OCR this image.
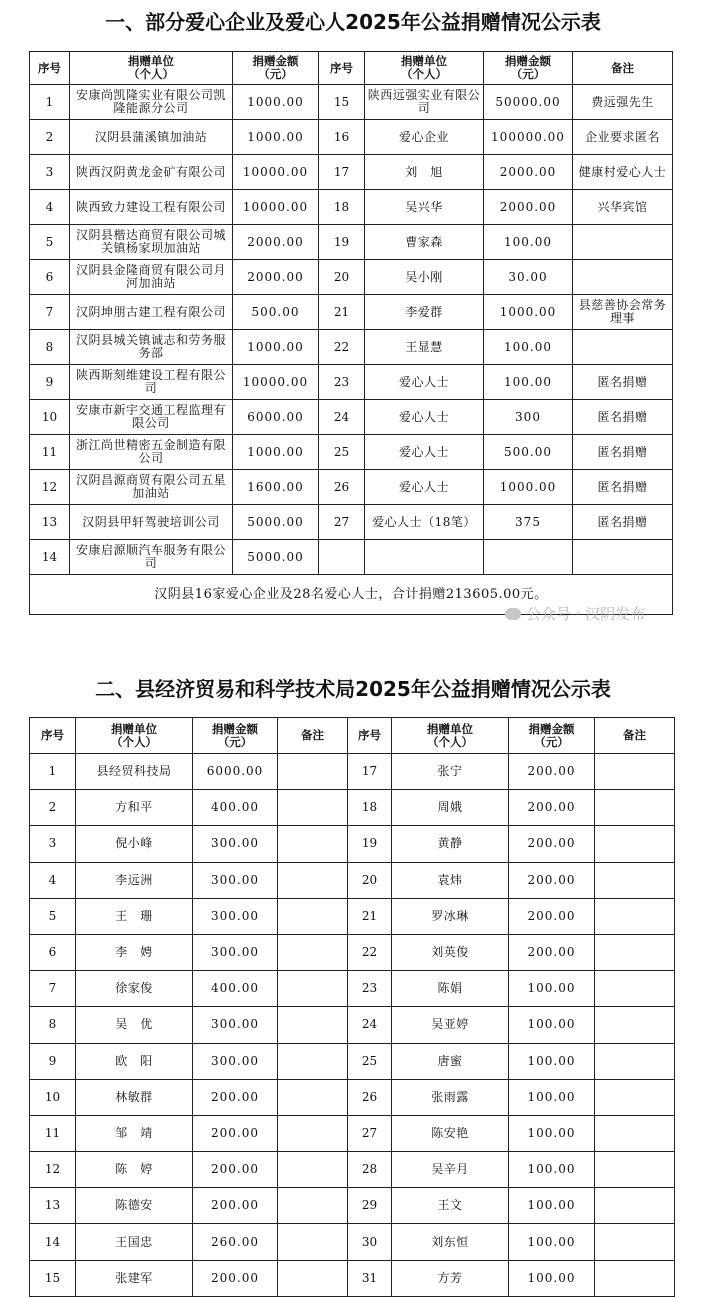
一、部分爱心企业及爱心人2025年公益捐赠情况公示表
序号	捐赠单位
（个人）	捐赠金额
（元）	序号	捐赠单位
（个人）	捐赠金额
（元）	备注
1	安康尚凯隆实业有限公司凯隆能源分公司	1000.00	15	陕西远强实业有限公司	50000.00	费远强先生
2	汉阴县蒲溪镇加油站	1000.00	16	爱心企业	100000.00	企业要求匿名
3	陕西汉阴黄龙金矿有限公司	10000.00	17	刘　旭	2000.00	健康村爱心人士
4	陕西致力建设工程有限公司	10000.00	18	吴兴华	2000.00	兴华宾馆
5	汉阴县楷达商贸有限公司城关镇杨家坝加油站	2000.00	19	曹家森	100.00	
6	汉阴县金隆商贸有限公司月河加油站	2000.00	20	吴小刚	30.00	
7	汉阴坤朋古建工程有限公司	500.00	21	李爱群	1000.00	县慈善协会常务理事
8	汉阴县城关镇诚志和劳务服务部	1000.00	22	王显慧	100.00	
9	陕西斯刻维建设工程有限公司	10000.00	23	爱心人士	100.00	匿名捐赠
10	安康市新宇交通工程监理有限公司	6000.00	24	爱心人士	300	匿名捐赠
11	浙江尚世精密五金制造有限公司	1000.00	25	爱心人士	500.00	匿名捐赠
12	汉阴昌源商贸有限公司五星加油站	1600.00	26	爱心人士	1000.00	匿名捐赠
13	汉阴县甲轩驾驶培训公司	5000.00	27	爱心人士（18笔）	375	匿名捐赠
14	安康启源顺汽车服务有限公司	5000.00				
汉阴县16家爱心企业及28名爱心人士，合计捐赠213605.00元。						
公众号 · 汉阴发布
二、县经济贸易和科学技术局2025年公益捐赠情况公示表
序号	捐赠单位
（个人）	捐赠金额
（元）	备注	序号	捐赠单位
（个人）	捐赠金额
（元）	备注
1	县经贸科技局	6000.00		17	张宁	200.00	
2	方和平	400.00		18	周娥	200.00	
3	倪小峰	300.00		19	黄静	200.00	
4	李远洲	300.00		20	袁炜	200.00	
5	王　珊	300.00		21	罗冰琳	200.00	
6	李　娉	300.00		22	刘英俊	200.00	
7	徐家俊	400.00		23	陈娟	100.00	
8	吴　优	300.00		24	吴亚婷	100.00	
9	欧　阳	300.00		25	唐蜜	100.00	
10	林敏群	200.00		26	张雨露	100.00	
11	邹　靖	200.00		27	陈安艳	100.00	
12	陈　婷	200.00		28	吴辛月	100.00	
13	陈德安	200.00		29	王文	100.00	
14	王国忠	260.00		30	刘东恒	100.00	
15	张建军	200.00		31	方芳	100.00	
